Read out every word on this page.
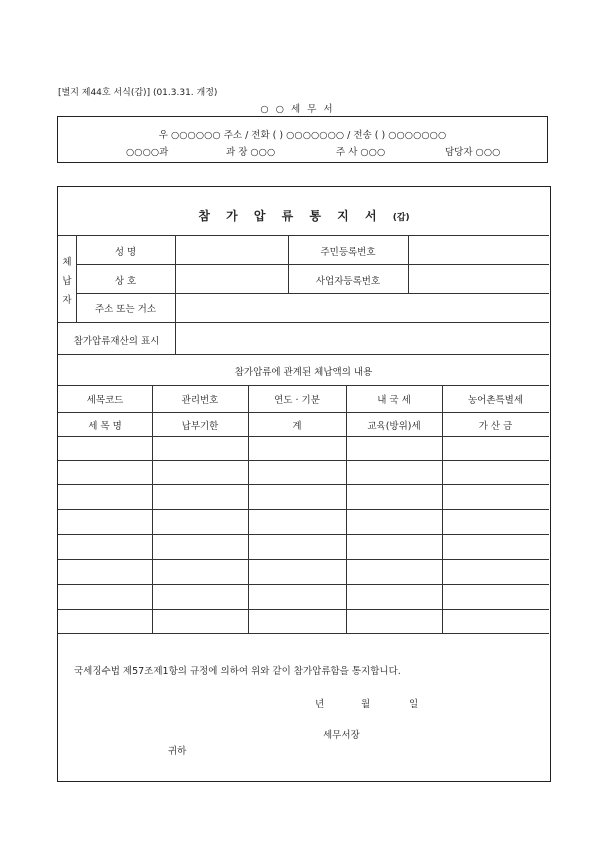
[별지 제44호 서식(갑)] (01.3.31. 개정)
○ ○ 세 무 서
우 ○○○○○○ 주소 / 전화 ( ) ○○○○○○○ / 전송 ( ) ○○○○○○○
○○○○과	과 장 ○○○	주 사 ○○○	담당자 ○○○
참 가 압 류 통 지 서 (갑)
체
납
자
성 명	주민등록번호
상 호	사업자등록번호
주소 또는 거소
참가압류재산의 표시
참가압류에 관계된 체납액의 내용
세목코드	관리번호	연도 · 기분	내 국 세	농어촌특별세
세 목 명	납부기한	계	교육(방위)세	가 산 금
국세징수법 제57조제1항의 규정에 의하여 위와 같이 참가압류함을 통지합니다.
년	월	일
세무서장
귀하
